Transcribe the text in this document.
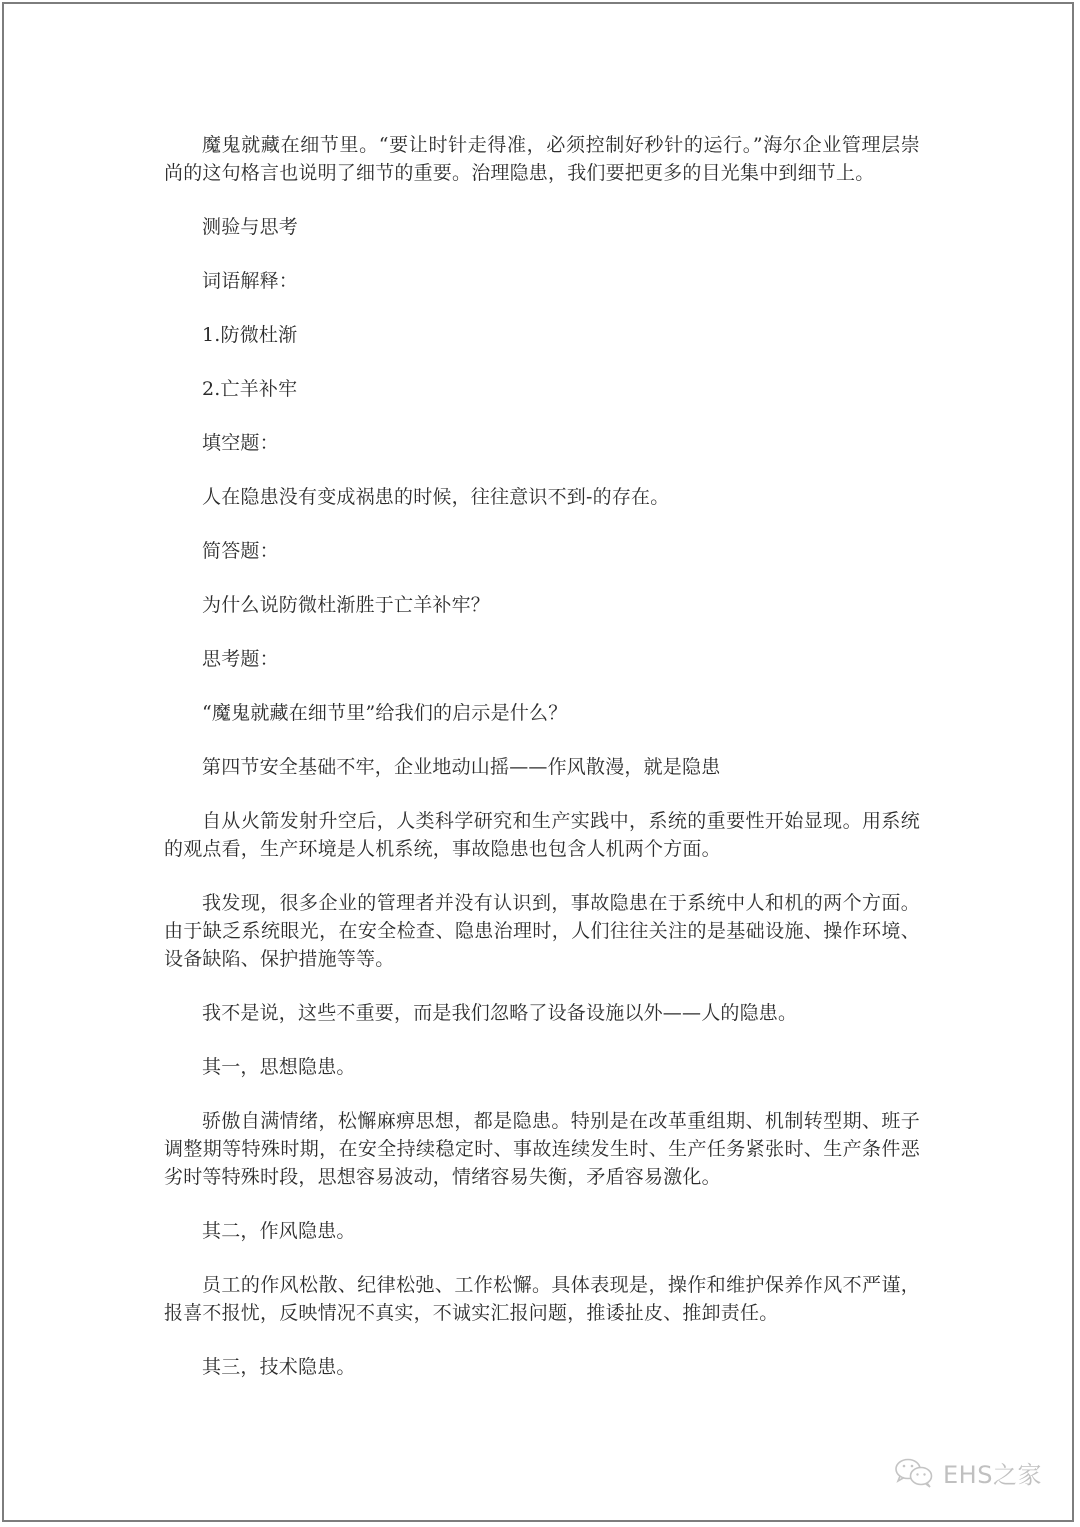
魔鬼就藏在细节里。“要让时针走得准，必须控制好秒针的运行。”海尔企业管理层崇尚的这句格言也说明了细节的重要。治理隐患，我们要把更多的目光集中到细节上。

测验与思考

词语解释：

1.防微杜渐

2.亡羊补牢

填空题：

人在隐患没有变成祸患的时候，往往意识不到-的存在。

简答题：

为什么说防微杜渐胜于亡羊补牢？

思考题：

“魔鬼就藏在细节里”给我们的启示是什么？

第四节安全基础不牢，企业地动山摇——作风散漫，就是隐患

自从火箭发射升空后，人类科学研究和生产实践中，系统的重要性开始显现。用系统的观点看，生产环境是人机系统，事故隐患也包含人机两个方面。

我发现，很多企业的管理者并没有认识到，事故隐患在于系统中人和机的两个方面。由于缺乏系统眼光，在安全检查、隐患治理时，人们往往关注的是基础设施、操作环境、设备缺陷、保护措施等等。

我不是说，这些不重要，而是我们忽略了设备设施以外——人的隐患。

其一，思想隐患。

骄傲自满情绪，松懈麻痹思想，都是隐患。特别是在改革重组期、机制转型期、班子调整期等特殊时期，在安全持续稳定时、事故连续发生时、生产任务紧张时、生产条件恶劣时等特殊时段，思想容易波动，情绪容易失衡，矛盾容易激化。

其二，作风隐患。

员工的作风松散、纪律松弛、工作松懈。具体表现是，操作和维护保养作风不严谨，报喜不报忧，反映情况不真实，不诚实汇报问题，推诿扯皮、推卸责任。

其三，技术隐患。

EHS之家
